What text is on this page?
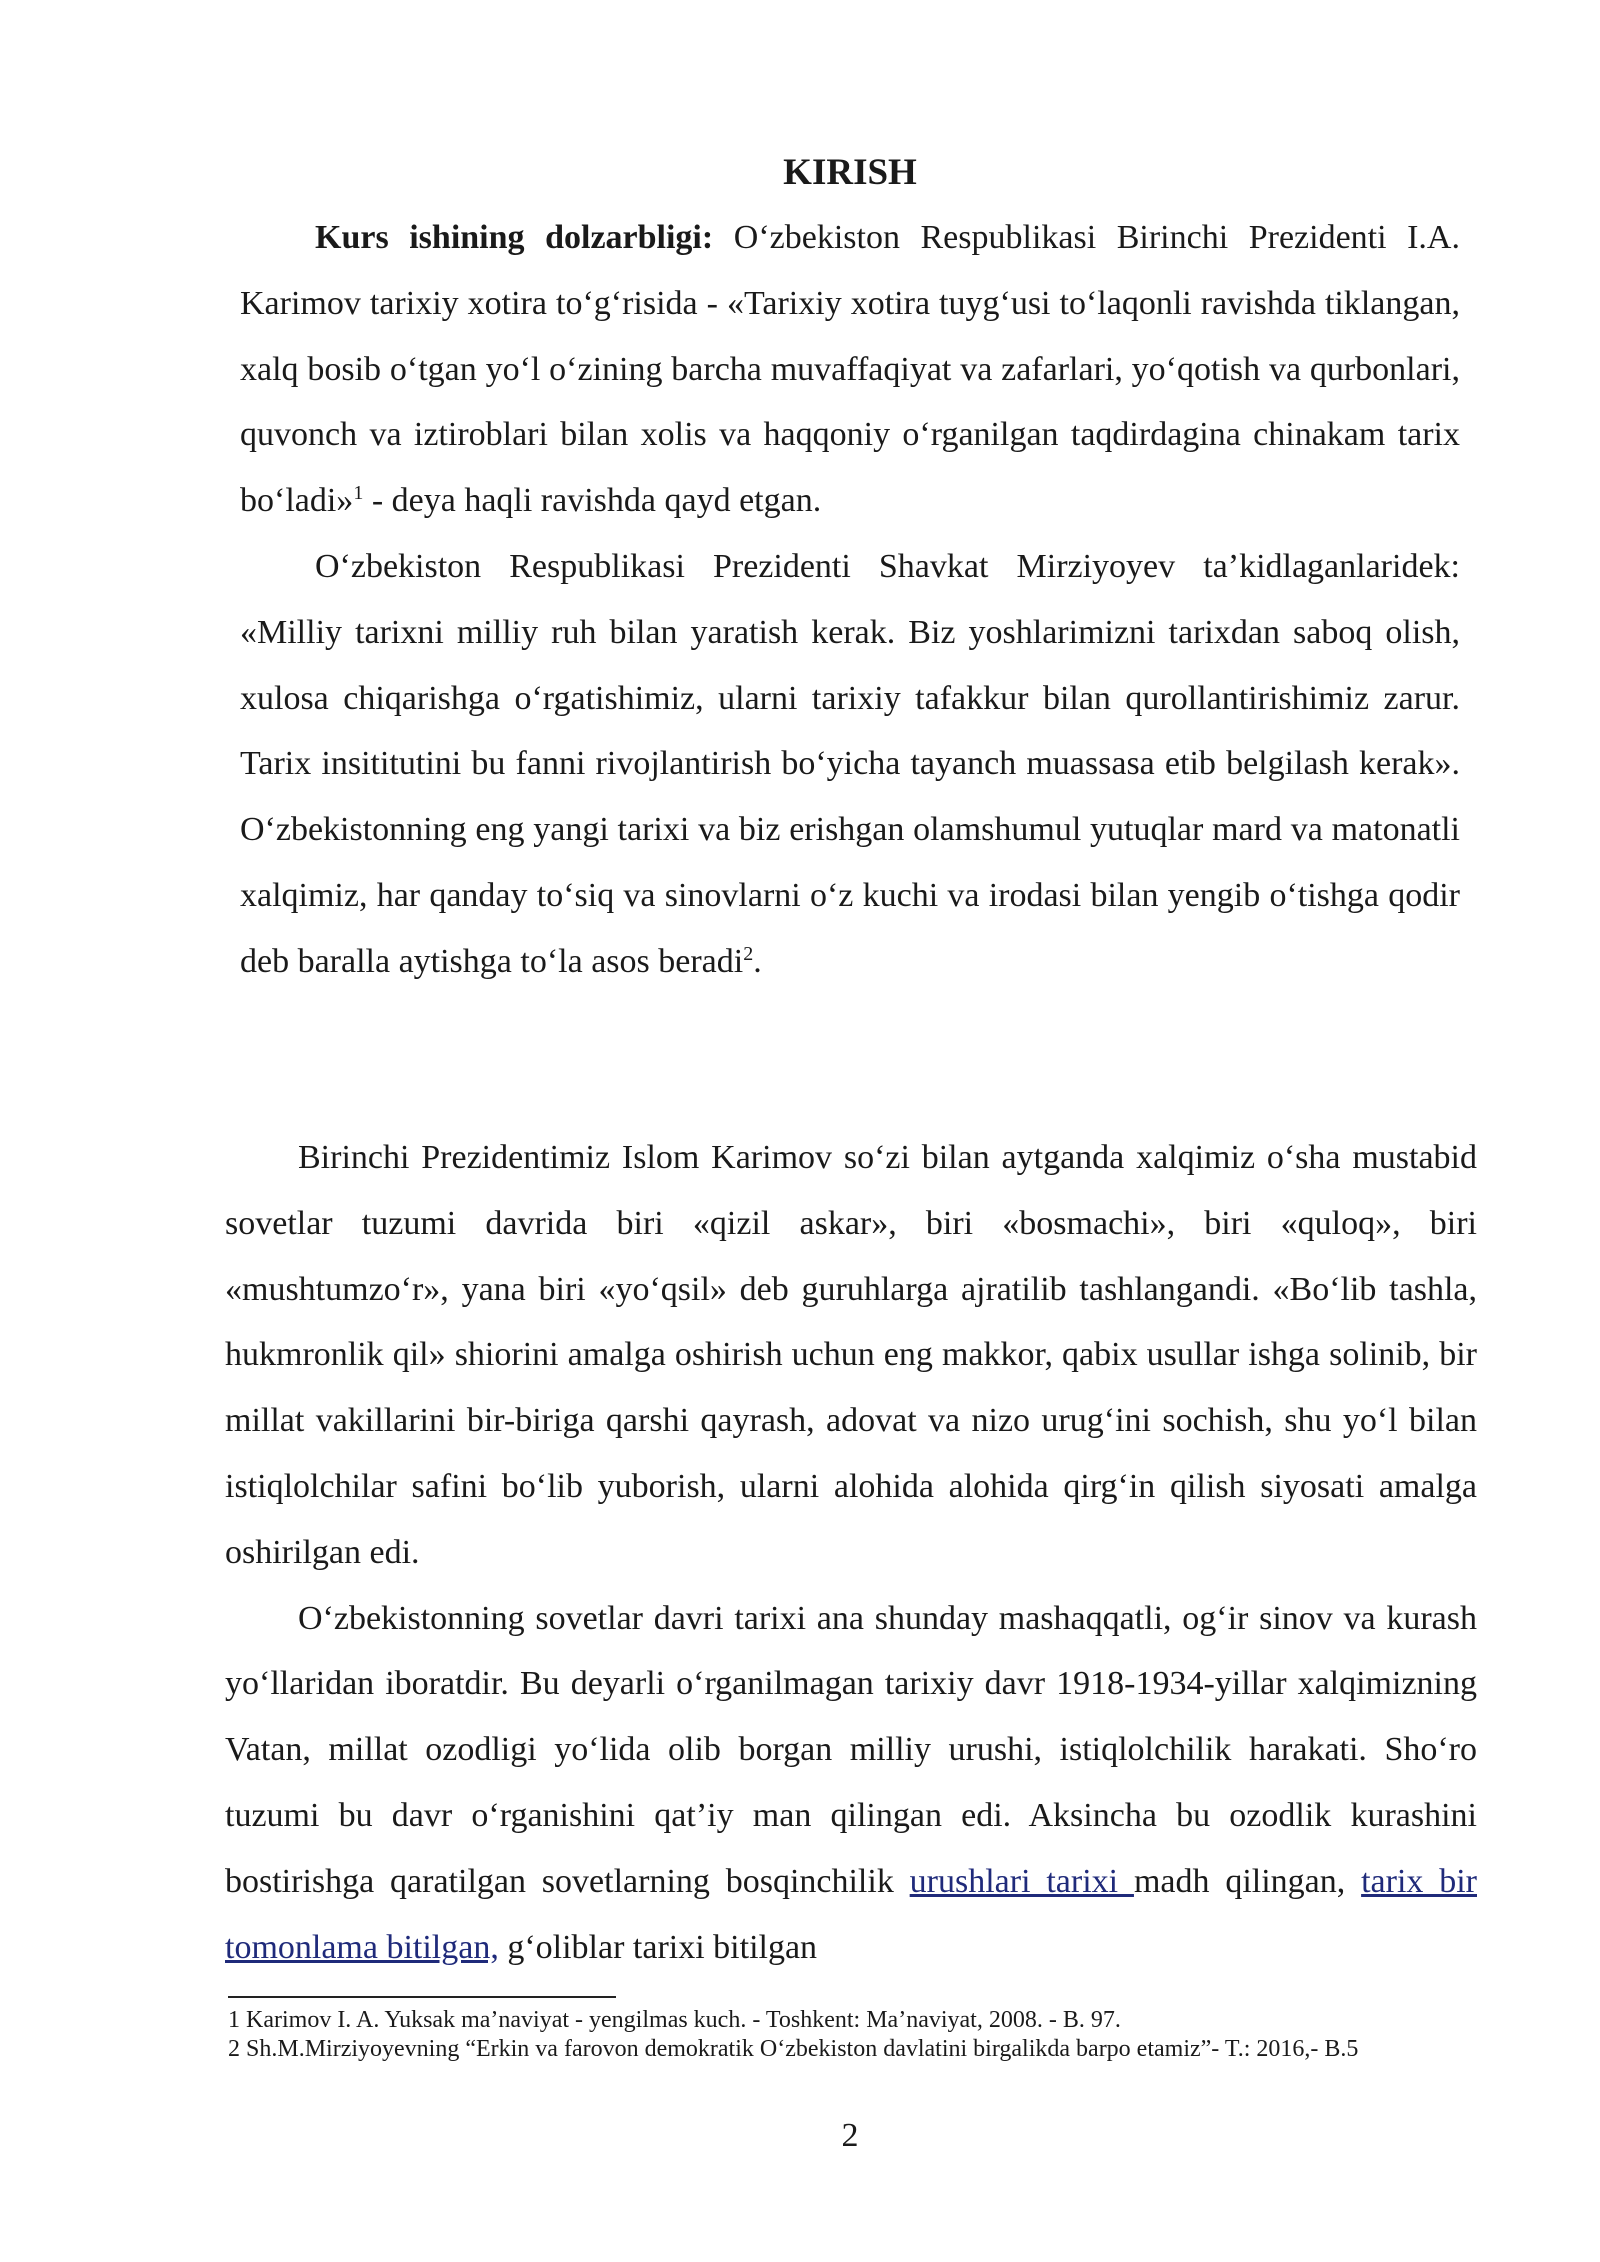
KIRISH

Kurs ishining dolzarbligi: O‘zbekiston Respublikasi Birinchi Prezidenti I.A. Karimov tarixiy xotira to‘g‘risida - «Tarixiy xotira tuyg‘usi to‘laqonli ravishda tiklangan, xalq bosib o‘tgan yo‘l o‘zining barcha muvaffaqiyat va zafarlari, yo‘qotish va qurbonlari, quvonch va iztiroblari bilan xolis va haqqoniy o‘rganilgan taqdirdagina chinakam tarix bo‘ladi»$^1$ - deya haqli ravishda qayd etgan.

O‘zbekiston Respublikasi Prezidenti Shavkat Mirziyoyev ta’kidlaganlaridek: «Milliy tarixni milliy ruh bilan yaratish kerak. Biz yoshlarimizni tarixdan saboq olish, xulosa chiqarishga o‘rgatishimiz, ularni tarixiy tafakkur bilan qurollantirishimiz zarur. Tarix insititutini bu fanni rivojlantirish bo‘yicha tayanch muassasa etib belgilash kerak». O‘zbekistonning eng yangi tarixi va biz erishgan olamshumul yutuqlar mard va matonatli xalqimiz, har qanday to‘siq va sinovlarni o‘z kuchi va irodasi bilan yengib o‘tishga qodir deb baralla aytishga to‘la asos beradi$^2$.

Birinchi Prezidentimiz Islom Karimov so‘zi bilan aytganda xalqimiz o‘sha mustabid sovetlar tuzumi davrida biri «qizil askar», biri «bosmachi», biri «quloq», biri «mushtumzo‘r», yana biri «yo‘qsil» deb guruhlarga ajratilib tashlangandi. «Bo‘lib tashla, hukmronlik qil» shiorini amalga oshirish uchun eng makkor, qabix usullar ishga solinib, bir millat vakillarini bir-biriga qarshi qayrash, adovat va nizo urug‘ini sochish, shu yo‘l bilan istiqlolchilar safini bo‘lib yuborish, ularni alohida alohida qirg‘in qilish siyosati amalga oshirilgan edi.

O‘zbekistonning sovetlar davri tarixi ana shunday mashaqqatli, og‘ir sinov va kurash yo‘llaridan iboratdir. Bu deyarli o‘rganilmagan tarixiy davr 1918-1934-yillar xalqimizning Vatan, millat ozodligi yo‘lida olib borgan milliy urushi, istiqlolchilik harakati. Sho‘ro tuzumi bu davr o‘rganishini qat’iy man qilingan edi. Aksincha bu ozodlik kurashini bostirishga qaratilgan sovetlarning bosqinchilik urushlari tarixi madh qilingan, tarix bir tomonlama bitilgan, g‘oliblar tarixi bitilgan

1 Karimov I. A. Yuksak ma’naviyat - yengilmas kuch. - Toshkent: Ma’naviyat, 2008. - B. 97.

2 Sh.M.Mirziyoyevning “Erkin va farovon demokratik O‘zbekiston davlatini birgalikda barpo etamiz”- T.: 2016,- B.5

2
